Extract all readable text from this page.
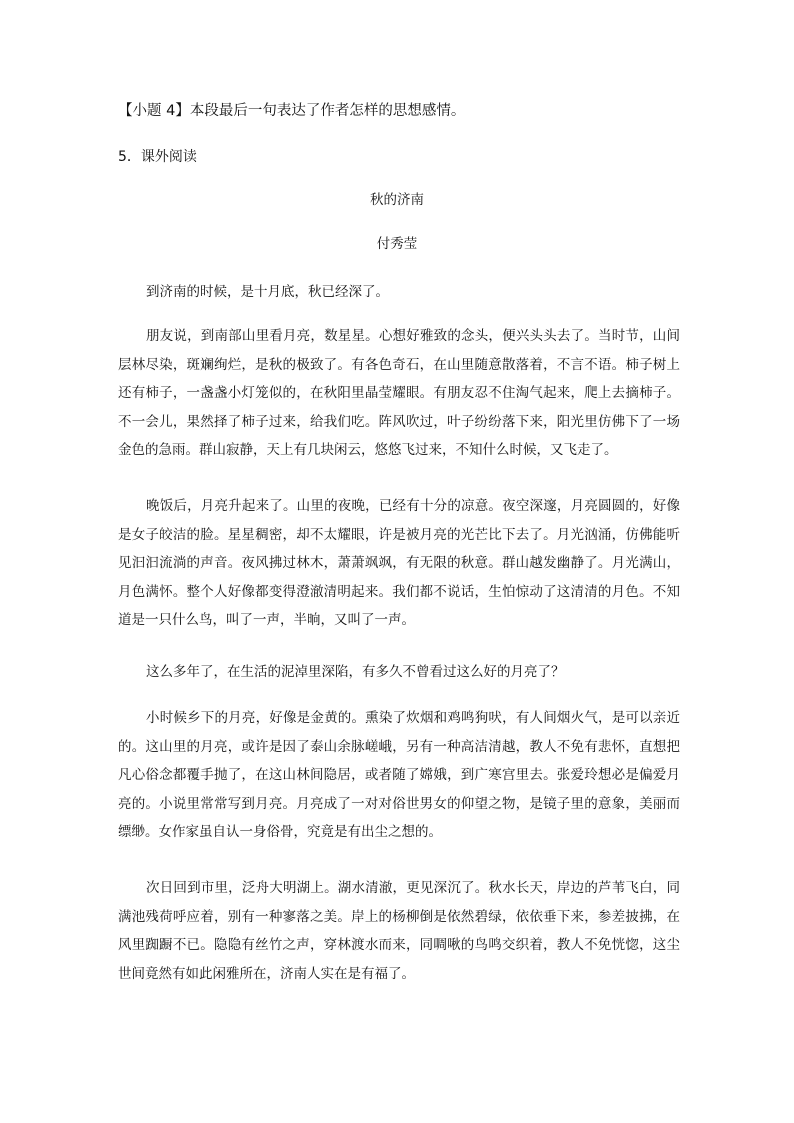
【小题 4】本段最后一句表达了作者怎样的思想感情。
5．课外阅读
秋的济南
付秀莹

到济南的时候，是十月底，秋已经深了。

朋友说，到南部山里看月亮，数星星。心想好雅致的念头，便兴头头去了。当时节，山间层林尽染，斑斓绚烂，是秋的极致了。有各色奇石，在山里随意散落着，不言不语。柿子树上还有柿子，一盏盏小灯笼似的，在秋阳里晶莹耀眼。有朋友忍不住淘气起来，爬上去摘柿子。不一会儿，果然择了柿子过来，给我们吃。阵风吹过，叶子纷纷落下来，阳光里仿佛下了一场金色的急雨。群山寂静，天上有几块闲云，悠悠飞过来，不知什么时候，又飞走了。

晚饭后，月亮升起来了。山里的夜晚，已经有十分的凉意。夜空深邃，月亮圆圆的，好像是女子皎洁的脸。星星稠密，却不太耀眼，许是被月亮的光芒比下去了。月光汹涌，仿佛能听见汩汩流淌的声音。夜风拂过林木，萧萧飒飒，有无限的秋意。群山越发幽静了。月光满山，月色满怀。整个人好像都变得澄澈清明起来。我们都不说话，生怕惊动了这清清的月色。不知道是一只什么鸟，叫了一声，半晌，又叫了一声。

这么多年了，在生活的泥淖里深陷，有多久不曾看过这么好的月亮了？

小时候乡下的月亮，好像是金黄的。熏染了炊烟和鸡鸣狗吠，有人间烟火气，是可以亲近的。这山里的月亮，或许是因了泰山余脉嵯峨，另有一种高洁清越，教人不免有悲怀，直想把凡心俗念都覆手抛了，在这山林间隐居，或者随了嫦娥，到广寒宫里去。张爱玲想必是偏爱月亮的。小说里常常写到月亮。月亮成了一对对俗世男女的仰望之物，是镜子里的意象，美丽而缥缈。女作家虽自认一身俗骨，究竟是有出尘之想的。

次日回到市里，泛舟大明湖上。湖水清澈，更见深沉了。秋水长天，岸边的芦苇飞白，同满池残荷呼应着，别有一种寥落之美。岸上的杨柳倒是依然碧绿，依依垂下来，参差披拂，在风里踟蹰不已。隐隐有丝竹之声，穿林渡水而来，同啁啾的鸟鸣交织着，教人不免恍惚，这尘世间竟然有如此闲雅所在，济南人实在是有福了。
